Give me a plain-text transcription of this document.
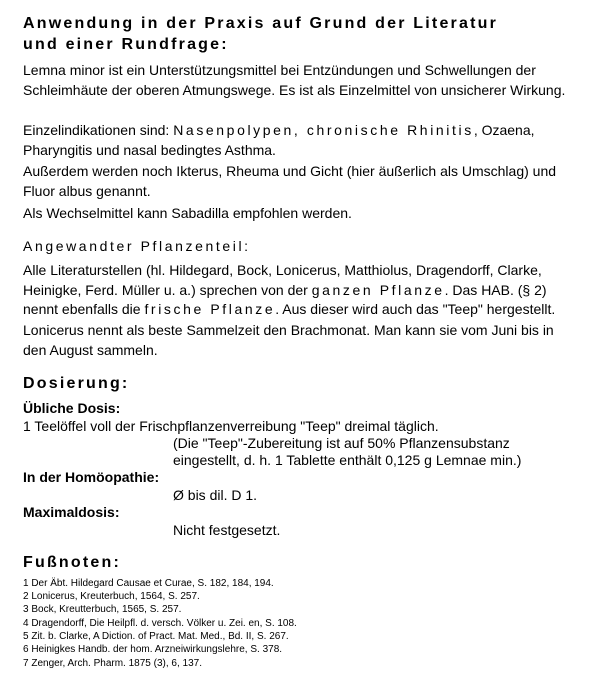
Anwendung in der Praxis auf Grund der Literatur
und einer Rundfrage:
Lemna minor ist ein Unterstützungsmittel bei Entzündungen und Schwellungen der Schleimhäute der oberen Atmungswege. Es ist als Einzelmittel von unsicherer Wirkung.
Einzelindikationen sind: Nasenpolypen, chronische Rhinitis, Ozaena, Pharyngitis und nasal bedingtes Asthma.
Außerdem werden noch Ikterus, Rheuma und Gicht (hier äußerlich als Umschlag) und Fluor albus genannt.
Als Wechselmittel kann Sabadilla empfohlen werden.
Angewandter Pflanzenteil:
Alle Literaturstellen (hl. Hildegard, Bock, Lonicerus, Matthiolus, Dragendorff, Clarke, Heinigke, Ferd. Müller u. a.) sprechen von der ganzen Pflanze. Das HAB. (§ 2) nennt ebenfalls die frische Pflanze. Aus dieser wird auch das "Teep" hergestellt.
Lonicerus nennt als beste Sammelzeit den Brachmonat. Man kann sie vom Juni bis in den August sammeln.
Dosierung:
Übliche Dosis:
1 Teelöffel voll der Frischpflanzenverreibung "Teep" dreimal täglich.
(Die "Teep"-Zubereitung ist auf 50% Pflanzensubstanz
eingestellt, d. h. 1 Tablette enthält 0,125 g Lemnae min.)
In der Homöopathie:
Ø bis dil. D 1.
Maximaldosis:
Nicht festgesetzt.
Fußnoten:
1 Der Äbt. Hildegard Causae et Curae, S. 182, 184, 194.
2 Lonicerus, Kreuterbuch, 1564, S. 257.
3 Bock, Kreutterbuch, 1565, S. 257.
4 Dragendorff, Die Heilpfl. d. versch. Völker u. Zei. en, S. 108.
5 Zit. b. Clarke, A Diction. of Pract. Mat. Med., Bd. II, S. 267.
6 Heinigkes Handb. der hom. Arzneiwirkungslehre, S. 378.
7 Zenger, Arch. Pharm. 1875 (3), 6, 137.
